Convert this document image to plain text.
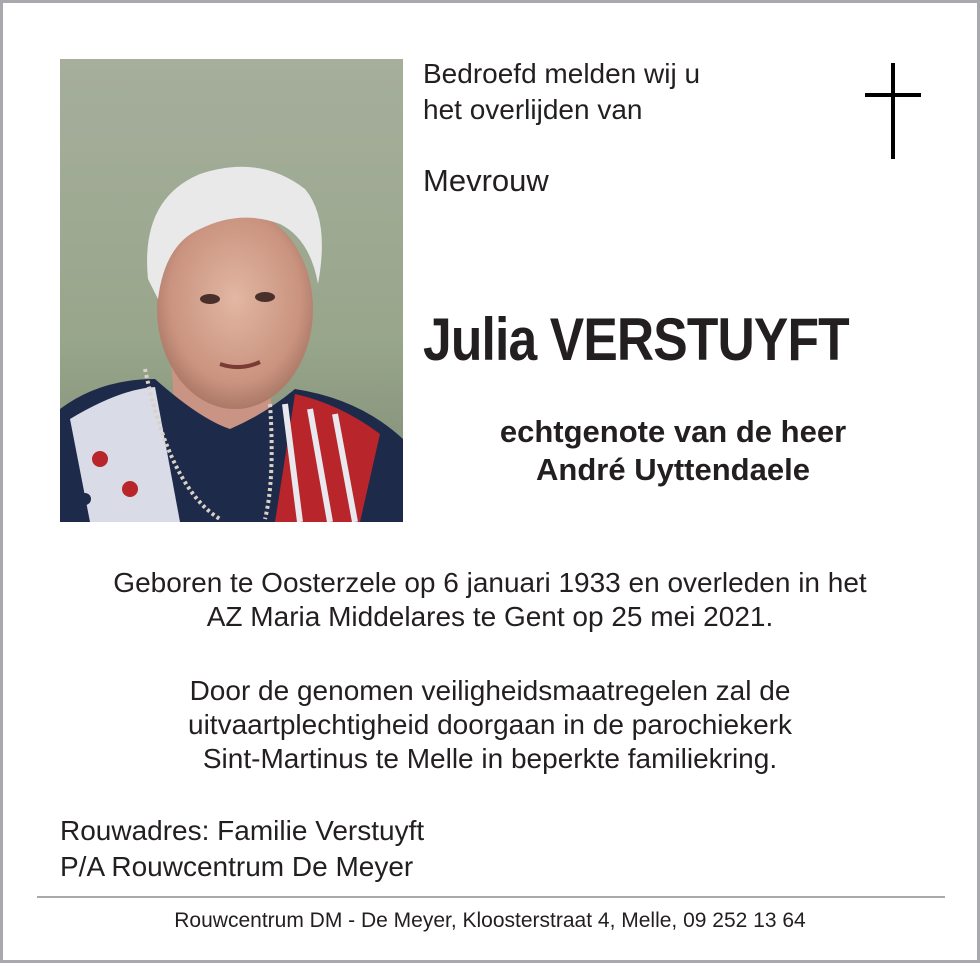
Bedroefd melden wij u
het overlijden van
Mevrouw
Julia VERSTUYFT
echtgenote van de heer
André Uyttendaele
Geboren te Oosterzele op 6 januari 1933 en overleden in het
AZ Maria Middelares te Gent op 25 mei 2021.
Door de genomen veiligheidsmaatregelen zal de
uitvaartplechtigheid doorgaan in de parochiekerk
Sint-Martinus te Melle in beperkte familiekring.
Rouwadres: Familie Verstuyft
P/A Rouwcentrum De Meyer
Rouwcentrum DM - De Meyer, Kloosterstraat 4, Melle, 09 252 13 64
